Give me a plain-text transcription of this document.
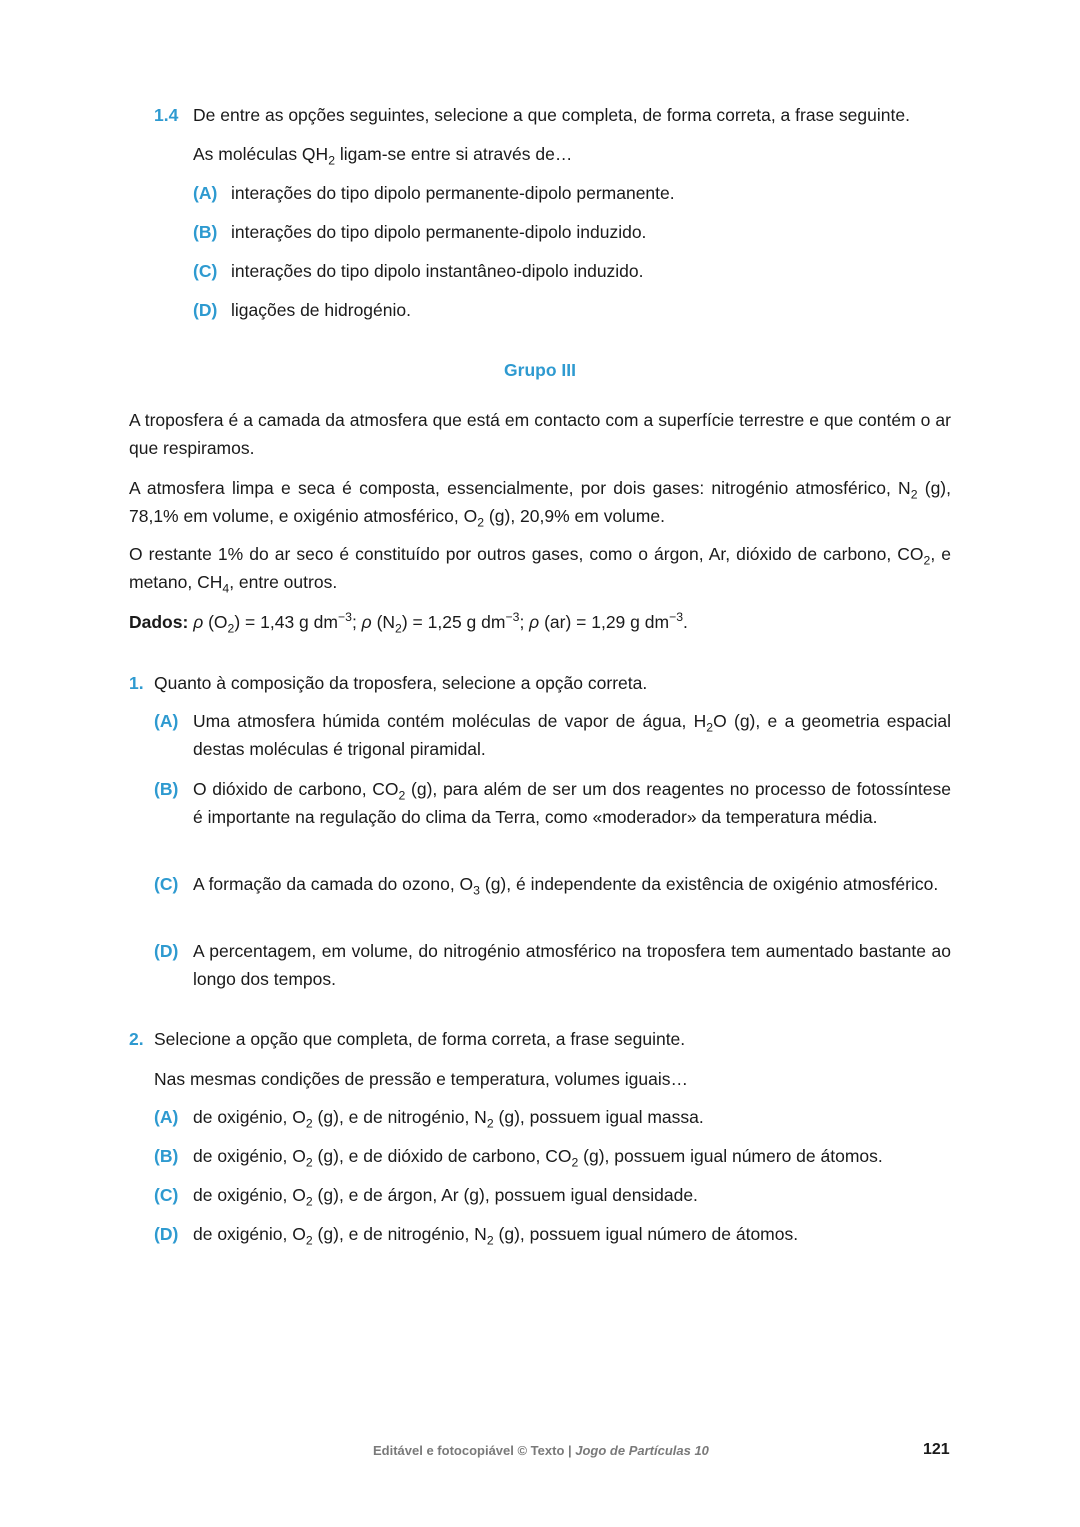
1.4 De entre as opções seguintes, selecione a que completa, de forma correta, a frase seguinte.
As moléculas $QH_2$ ligam-se entre si através de…
(A) interações do tipo dipolo permanente-dipolo permanente.
(B) interações do tipo dipolo permanente-dipolo induzido.
(C) interações do tipo dipolo instantâneo-dipolo induzido.
(D) ligações de hidrogénio.
Grupo III
A troposfera é a camada da atmosfera que está em contacto com a superfície terrestre e que contém o ar que respiramos.
A atmosfera limpa e seca é composta, essencialmente, por dois gases: nitrogénio atmosférico, $N_2$ (g), 78,1% em volume, e oxigénio atmosférico, $O_2$ (g), 20,9% em volume.
O restante 1% do ar seco é constituído por outros gases, como o árgon, Ar, dióxido de carbono, $CO_2$, e metano, $CH_4$, entre outros.
Dados: ρ $(O_2) = 1,43$ g $dm^{-3}$; ρ $(N_2) = 1,25$ g $dm^{-3}$; ρ (ar) = 1,29 g $dm^{-3}$.
1. Quanto à composição da troposfera, selecione a opção correta.
(A) Uma atmosfera húmida contém moléculas de vapor de água, $H_2O$ (g), e a geometria espacial destas moléculas é trigonal piramidal.
(B) O dióxido de carbono, $CO_2$ (g), para além de ser um dos reagentes no processo de fotossíntese é importante na regulação do clima da Terra, como «moderador» da temperatura média.
(C) A formação da camada do ozono, $O_3$ (g), é independente da existência de oxigénio atmosférico.
(D) A percentagem, em volume, do nitrogénio atmosférico na troposfera tem aumentado bastante ao longo dos tempos.
2. Selecione a opção que completa, de forma correta, a frase seguinte.
Nas mesmas condições de pressão e temperatura, volumes iguais…
(A) de oxigénio, $O_2$ (g), e de nitrogénio, $N_2$ (g), possuem igual massa.
(B) de oxigénio, $O_2$ (g), e de dióxido de carbono, $CO_2$ (g), possuem igual número de átomos.
(C) de oxigénio, $O_2$ (g), e de árgon, Ar (g), possuem igual densidade.
(D) de oxigénio, $O_2$ (g), e de nitrogénio, $N_2$ (g), possuem igual número de átomos.
Editável e fotocopiável © Texto | Jogo de Partículas 10	121
